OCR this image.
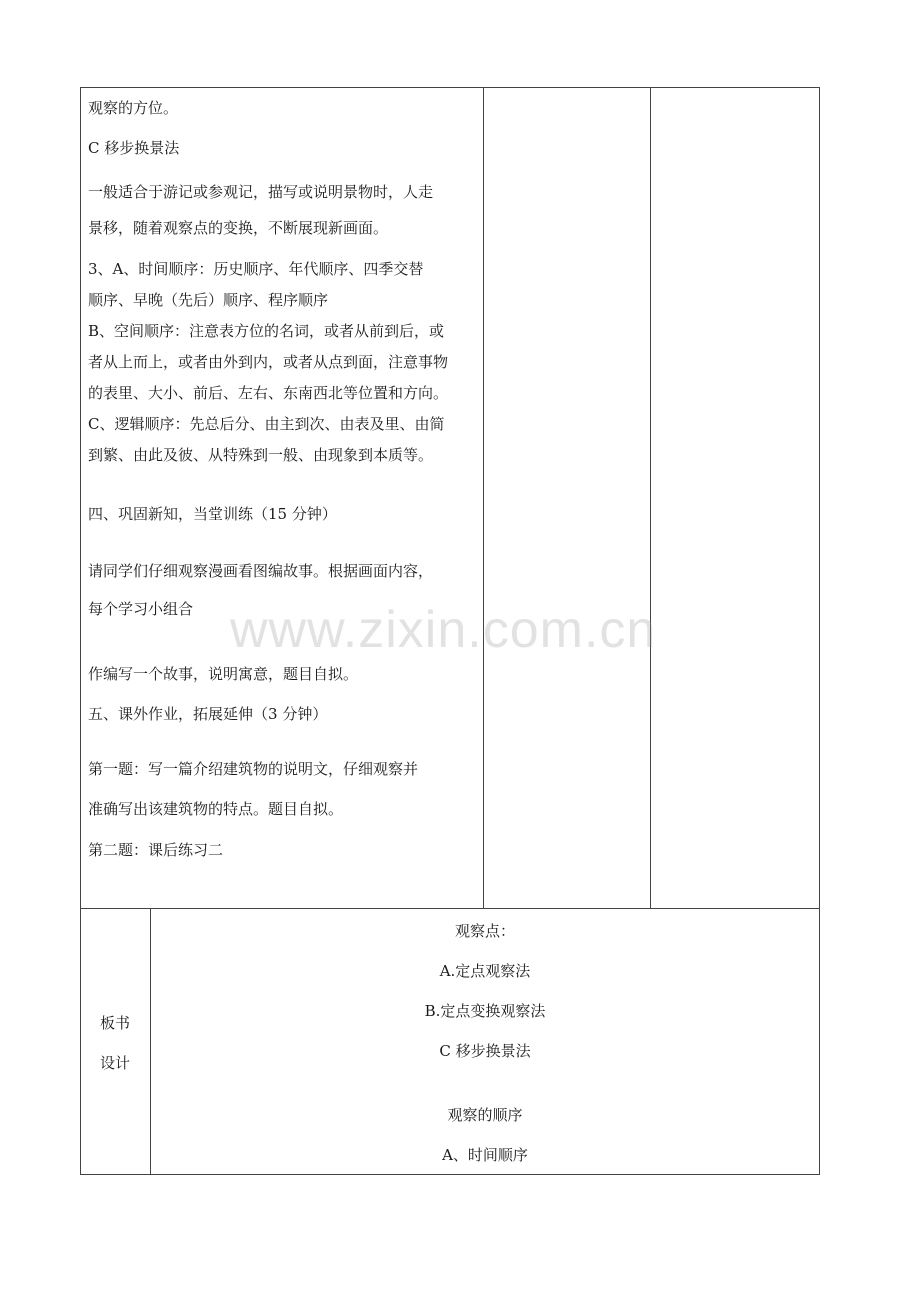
观察的方位。
C 移步换景法
一般适合于游记或参观记，描写或说明景物时，人走
景移，随着观察点的变换，不断展现新画面。
3、A、时间顺序：历史顺序、年代顺序、四季交替
顺序、早晚（先后）顺序、程序顺序
B、空间顺序：注意表方位的名词，或者从前到后，或
者从上而上，或者由外到内，或者从点到面，注意事物
的表里、大小、前后、左右、东南西北等位置和方向。
C、逻辑顺序：先总后分、由主到次、由表及里、由简
到繁、由此及彼、从特殊到一般、由现象到本质等。
四、巩固新知，当堂训练（15 分钟）
请同学们仔细观察漫画看图编故事。根据画面内容，
每个学习小组合
作编写一个故事，说明寓意，题目自拟。
五、课外作业，拓展延伸（3 分钟）
第一题：写一篇介绍建筑物的说明文，仔细观察并
准确写出该建筑物的特点。题目自拟。
第二题：课后练习二
板书
设计
观察点：
A.定点观察法
B.定点变换观察法
C 移步换景法
观察的顺序
A、时间顺序
www.zixin.com.cn
